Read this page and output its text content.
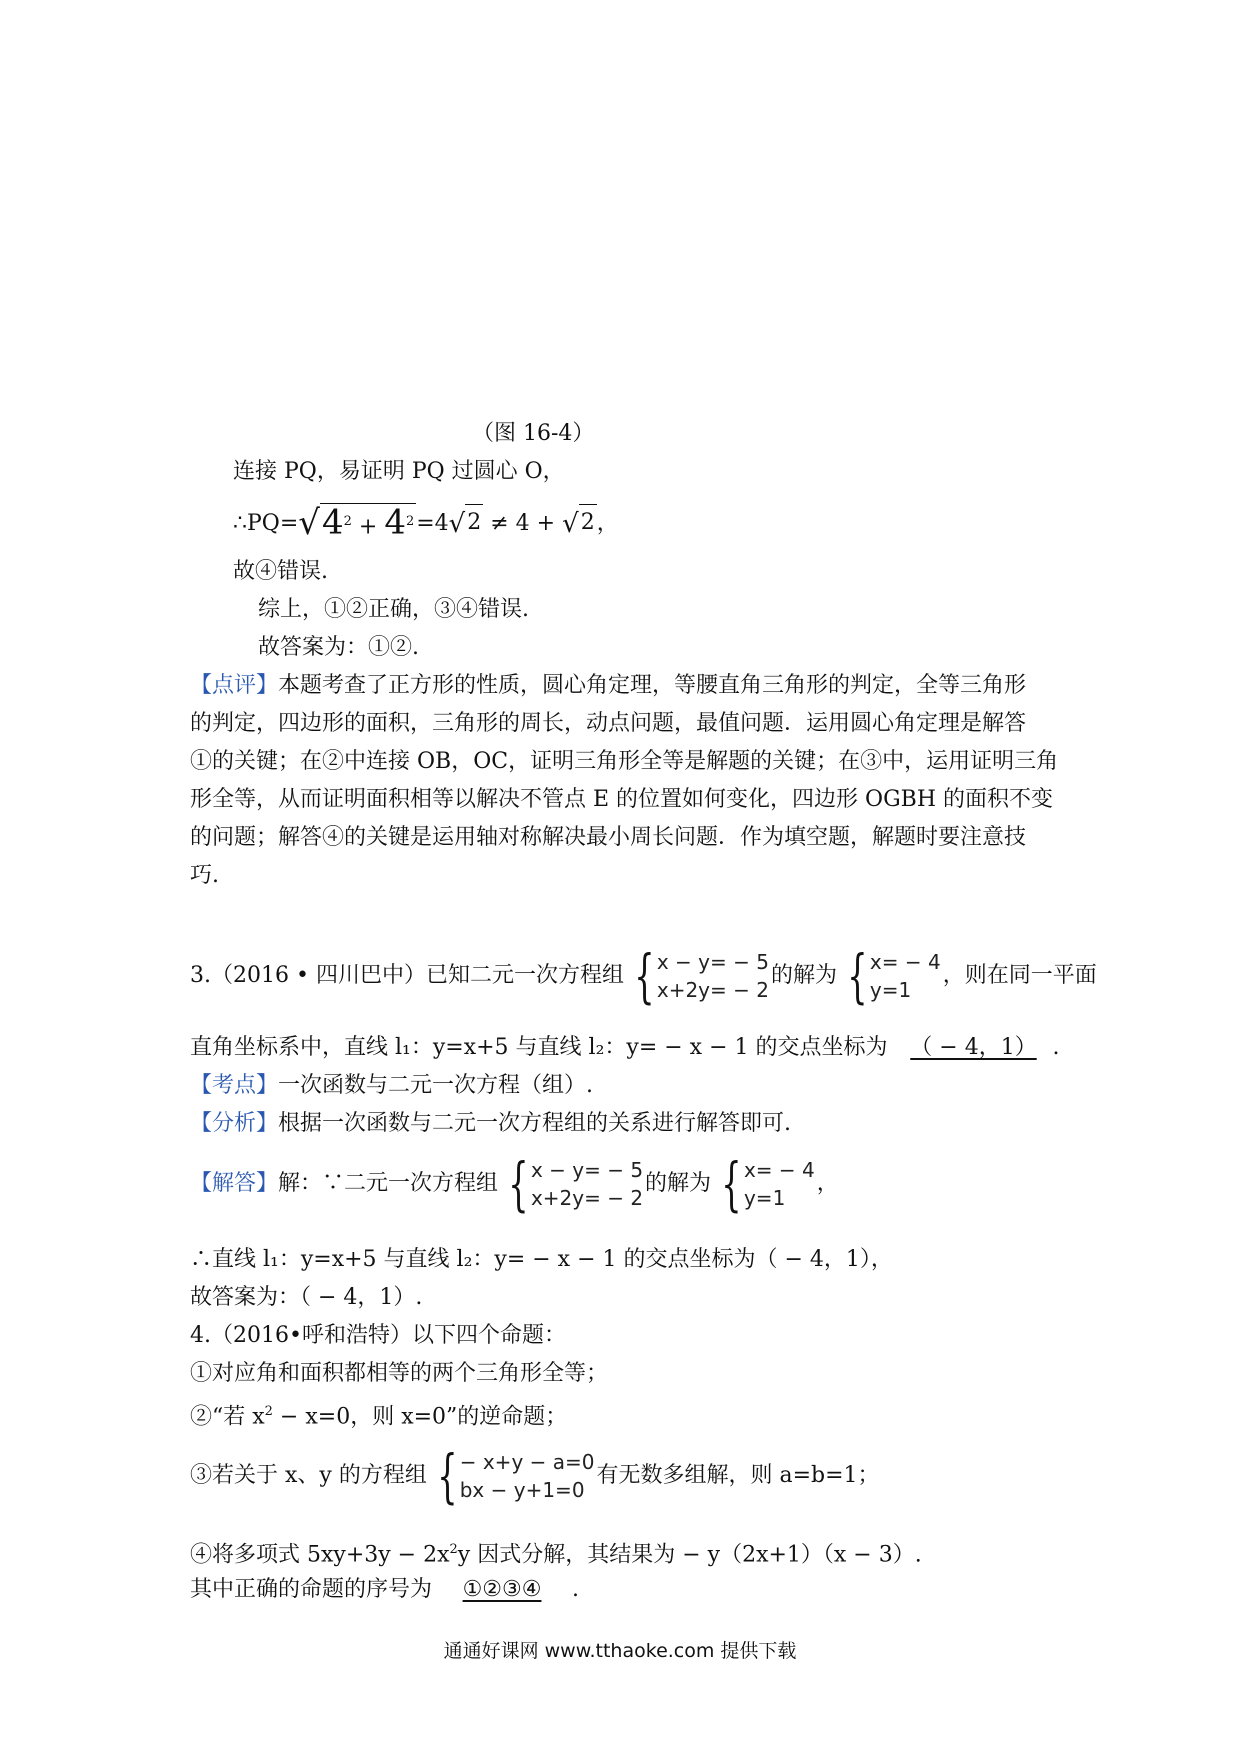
（图 16-4）
连接 PQ，易证明 PQ 过圆心 O，
∴PQ= √ $4^2 + 4^2 =4$ √ 2 ≠ 4 + √ 2 ，
故④错误.
综上，①②正确，③④错误.
故答案为：①②.
【点评】本题考查了正方形的性质，圆心角定理，等腰直角三角形的判定，全等三角形
的判定，四边形的面积，三角形的周长，动点问题，最值问题．运用圆心角定理是解答
①的关键；在②中连接 OB，OC，证明三角形全等是解题的关键；在③中，运用证明三角
形全等，从而证明面积相等以解决不管点 E 的位置如何变化，四边形 OGBH 的面积不变
的问题；解答④的关键是运用轴对称解决最小周长问题．作为填空题，解题时要注意技
巧.
3.（2016 • 四川巴中）已知二元一次方程组 { x − y= − 5
x+2y= − 2
的解为 { x= − 4
y=1
，则在同一平面
直角坐标系中，直线 l₁：y=x+5 与直线 l₂：y= − x − 1 的交点坐标为 （ − 4，1） .
【考点】一次函数与二元一次方程（组）.
【分析】根据一次函数与二元一次方程组的关系进行解答即可.
【解答】解：∵二元一次方程组 { x − y= − 5
x+2y= − 2
的解为 { x= − 4
y=1
，
∴直线 l₁：y=x+5 与直线 l₂：y= − x − 1 的交点坐标为（ − 4，1），
故答案为：（ − 4，1）.
4.（2016•呼和浩特）以下四个命题：
①对应角和面积都相等的两个三角形全等；
②“若 $x^2 - x=0$，则 x=0”的逆命题；
③若关于 x、y 的方程组 { − x+y − a=0
bx − y+1=0
有无数多组解，则 a=b=1；
④将多项式 $5xy+3y - 2x^2y$ 因式分解，其结果为 − y（2x+1）（x − 3）.
其中正确的命题的序号为 ①②③④ .
通通好课网 www.tthaoke.com 提供下载
